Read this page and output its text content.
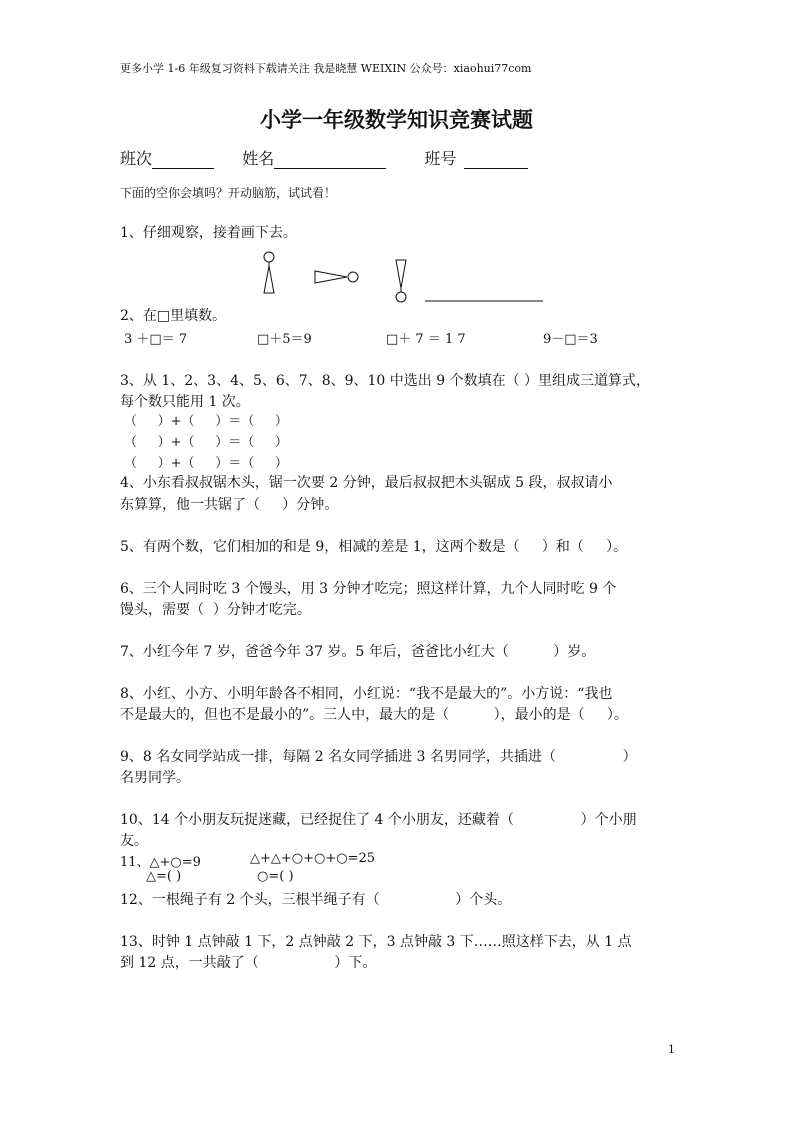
更多小学 1-6 年级复习资料下载请关注 我是晓慧 WEIXIN 公众号：xiaohui77com
小学一年级数学知识竞赛试题
班次	姓名	班号
下面的空你会填吗？开动脑筋，试试看！
1、仔细观察，接着画下去。
2、在□里填数。
3 ＋□＝ 7	□＋5＝9	□＋ 7 ＝ 1 7	9－□＝3
3、从 1、2、3、4、5、6、7、8、9、10 中选出 9 个数填在（ ）里组成三道算式，
每个数只能用 1 次。
（     ）+（     ）＝（     ）
（     ）+（     ）＝（     ）
（     ）+（     ）＝（     ）
4、小东看叔叔锯木头，锯一次要 2 分钟，最后叔叔把木头锯成 5 段，叔叔请小
东算算，他一共锯了（     ）分钟。
5、有两个数，它们相加的和是 9，相减的差是 1，这两个数是（     ）和（     ）。
6、三个人同时吃 3 个馒头，用 3 分钟才吃完；照这样计算，九个人同时吃 9 个
馒头，需要（  ）分钟才吃完。
7、小红今年 7 岁，爸爸今年 37 岁。5 年后，爸爸比小红大（          ）岁。
8、小红、小方、小明年龄各不相同，小红说：“我不是最大的”。小方说：“我也
不是最大的，但也不是最小的”。三人中，最大的是（          ），最小的是（     ）。
9、8 名女同学站成一排，每隔 2 名女同学插进 3 名男同学，共插进（               ）
名男同学。
10、14 个小朋友玩捉迷藏，已经捉住了 4 个小朋友，还藏着（               ）个小朋
友。
11、△+○=9	△+△+○+○+○=25
△=( )	○=( )
12、一根绳子有 2 个头，三根半绳子有（                 ）个头。
13、时钟 1 点钟敲 1 下，2 点钟敲 2 下，3 点钟敲 3 下……照这样下去，从 1 点
到 12 点，一共敲了（                 ）下。
1
